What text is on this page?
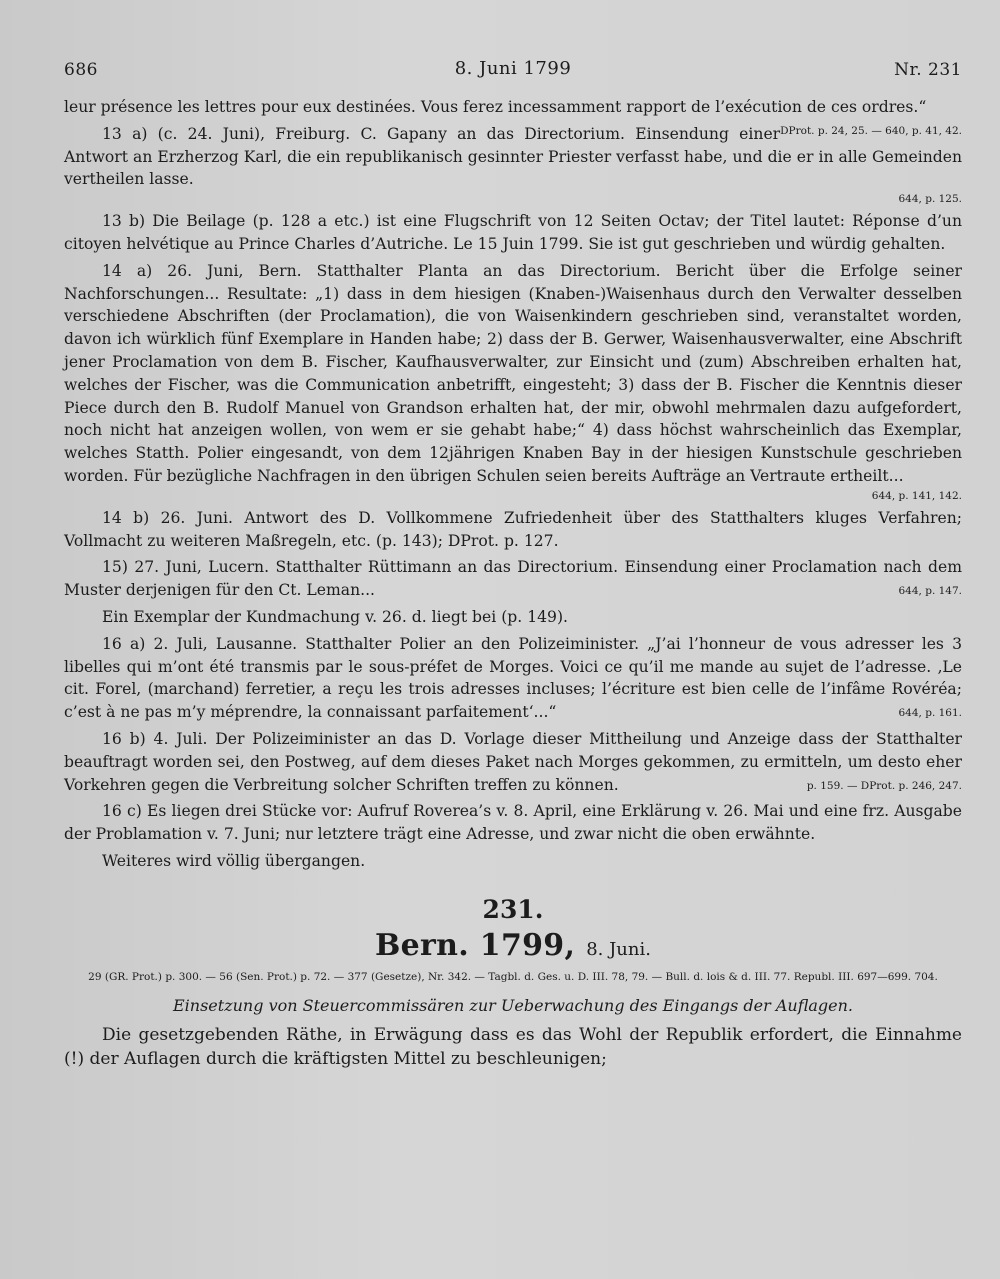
686	8. Juni 1799	Nr. 231

leur présence les lettres pour eux destinées. Vous ferez incessamment rapport de l’exécution de ces ordres.“
DProt. p. 24, 25. — 640, p. 41, 42.

13 a) (c. 24. Juni), Freiburg. C. Gapany an das Directorium. Einsendung einer Antwort an Erzherzog Karl, die ein republikanisch gesinnter Priester verfasst habe, und die er in alle Gemeinden vertheilen lasse.

644, p. 125.

13 b) Die Beilage (p. 128 a etc.) ist eine Flugschrift von 12 Seiten Octav; der Titel lautet: Réponse d’un citoyen helvétique au Prince Charles d’Autriche. Le 15 Juin 1799. Sie ist gut geschrieben und würdig gehalten.

14 a) 26. Juni, Bern. Statthalter Planta an das Directorium. Bericht über die Erfolge seiner Nachforschungen... Resultate: „1) dass in dem hiesigen (Knaben-)Waisenhaus durch den Verwalter desselben verschiedene Abschriften (der Proclamation), die von Waisenkindern geschrieben sind, veranstaltet worden, davon ich würklich fünf Exemplare in Handen habe; 2) dass der B. Gerwer, Waisenhausverwalter, eine Abschrift jener Proclamation von dem B. Fischer, Kaufhausverwalter, zur Einsicht und (zum) Abschreiben erhalten hat, welches der Fischer, was die Communication anbetrifft, eingesteht; 3) dass der B. Fischer die Kenntnis dieser Piece durch den B. Rudolf Manuel von Grandson erhalten hat, der mir, obwohl mehrmalen dazu aufgefordert, noch nicht hat anzeigen wollen, von wem er sie gehabt habe;“ 4) dass höchst wahrscheinlich das Exemplar, welches Statth. Polier eingesandt, von dem 12jährigen Knaben Bay in der hiesigen Kunstschule geschrieben worden. Für bezügliche Nachfragen in den übrigen Schulen seien bereits Aufträge an Vertraute ertheilt...

644, p. 141, 142.

14 b) 26. Juni. Antwort des D. Vollkommene Zufriedenheit über des Statthalters kluges Verfahren; Vollmacht zu weiteren Maßregeln, etc. (p. 143); DProt. p. 127.

15) 27. Juni, Lucern. Statthalter Rüttimann an das Directorium. Einsendung einer Proclamation nach dem Muster derjenigen für den Ct. Leman...	644, p. 147.

Ein Exemplar der Kundmachung v. 26. d. liegt bei (p. 149).

16 a) 2. Juli, Lausanne. Statthalter Polier an den Polizeiminister. „J’ai l’honneur de vous adresser les 3 libelles qui m’ont été transmis par le sous-préfet de Morges. Voici ce qu’il me mande au sujet de l’adresse. ‚Le cit. Forel, (marchand) ferretier, a reçu les trois adresses incluses; l’écriture est bien celle de l’infâme Rovéréa; c’est à ne pas m’y méprendre, la connaissant parfaitement‘...“	644, p. 161.

16 b) 4. Juli. Der Polizeiminister an das D. Vorlage dieser Mittheilung und Anzeige dass der Statthalter beauftragt worden sei, den Postweg, auf dem dieses Paket nach Morges gekommen, zu ermitteln, um desto eher Vorkehren gegen die Verbreitung solcher Schriften treffen zu können.	p. 159. — DProt. p. 246, 247.

16 c) Es liegen drei Stücke vor: Aufruf Roverea’s v. 8. April, eine Erklärung v. 26. Mai und eine frz. Ausgabe der Problamation v. 7. Juni; nur letztere trägt eine Adresse, und zwar nicht die oben erwähnte.

Weiteres wird völlig übergangen.

231.
Bern. 1799, 8. Juni.
29 (GR. Prot.) p. 300. — 56 (Sen. Prot.) p. 72. — 377 (Gesetze), Nr. 342. — Tagbl. d. Ges. u. D. III. 78, 79. — Bull. d. lois & d. III. 77. Republ. III. 697—699. 704.
Einsetzung von Steuercommissären zur Ueberwachung des Eingangs der Auflagen.

Die gesetzgebenden Räthe, in Erwägung dass es das Wohl der Republik erfordert, die Einnahme (!) der Auflagen durch die kräftigsten Mittel zu beschleunigen;
